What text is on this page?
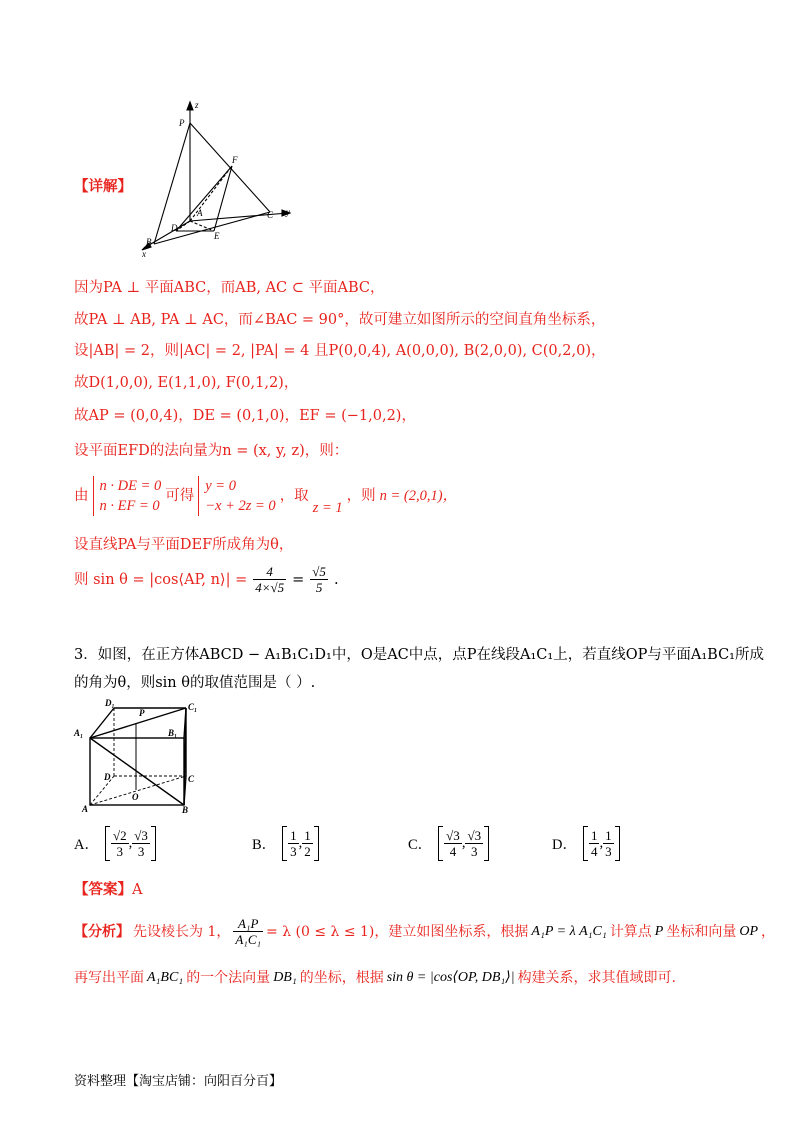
z
P
F
A	C y
D
E
B
x
【详解】
因为PA ⊥ 平面ABC，而AB, AC ⊂ 平面ABC，
故PA ⊥ AB, PA ⊥ AC，而∠BAC = 90°，故可建立如图所示的空间直角坐标系，
设|AB| = 2，则|AC| = 2, |PA| = 4 且P(0,0,4), A(0,0,0), B(2,0,0), C(0,2,0)，
故D(1,0,0), E(1,1,0), F(0,1,2)，
故AP = (0,0,4)，DE = (0,1,0)，EF = (−1,0,2)，
设平面EFD的法向量为n = (x, y, z)，则：
由
n · DE = 0
n · EF = 0
可得
y = 0
−x + 2z = 0
，取
z = 1
，则 n = (2,0,1)，
设直线PA与平面DEF所成角为θ，
则 sin θ = |cos⟨AP, n⟩| = $\frac{4}{4\times√5} = \frac{√5}{5}$ .
3．如图，在正方体ABCD − A₁B₁C₁D₁中，O是AC中点，点P在线段A₁C₁上，若直线OP与平面A₁BC₁所成
的角为θ，则sin θ的取值范围是（ ）.
D₁
P
C₁
A₁	B₁
D	C
O
A	B
A． $\frac{√2}{3}$ , $\frac{√3}{3}$	B． $\frac{1}{3}$ , $\frac{1}{2}$	C． $\frac{√3}{4}$ , $\frac{√3}{3}$	D． $\frac{1}{4}$ , $\frac{1}{3}$
【答案】A
【分析】 先设棱长为 1， $\frac{\text{A₁P}}{\text{A₁C₁}} = \lambda$ (0 ≤ λ ≤ 1)，建立如图坐标系，根据 A₁P = λ A₁C₁ 计算点 P 坐标和向量 OP ，
再写出平面 A₁BC₁ 的一个法向量 DB₁ 的坐标，根据 sin θ = |cos⟨OP, DB₁⟩| 构建关系，求其值域即可.
资料整理【淘宝店铺：向阳百分百】
